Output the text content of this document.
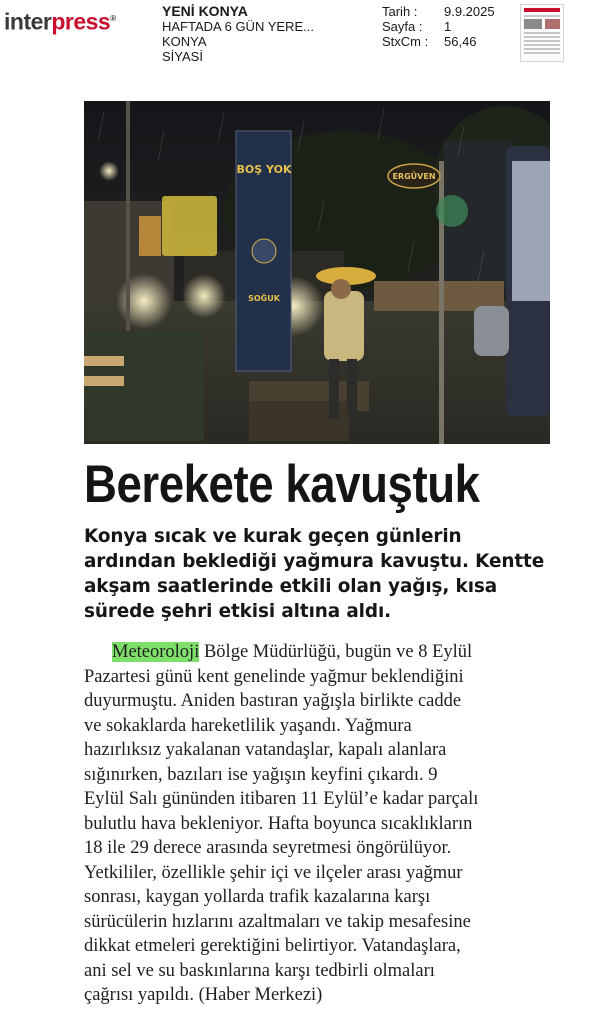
interpress®	YENİ KONYA
HAFTADA 6 GÜN YERE...
KONYA
SİYASİ
Tarih :	9.9.2025
Sayfa :	1
StxCm :	56,46
BOŞ YOK
SOĞUK
ERGÜVEN
Berekete kavuştuk
Konya sıcak ve kurak geçen günlerin
ardından beklediği yağmura kavuştu. Kentte
akşam saatlerinde etkili olan yağış, kısa
sürede şehri etkisi altına aldı.
Meteoroloji Bölge Müdürlüğü, bugün ve 8 Eylül
Pazartesi günü kent genelinde yağmur beklendiğini
duyurmuştu. Aniden bastıran yağışla birlikte cadde
ve sokaklarda hareketlilik yaşandı. Yağmura
hazırlıksız yakalanan vatandaşlar, kapalı alanlara
sığınırken, bazıları ise yağışın keyfini çıkardı. 9
Eylül Salı gününden itibaren 11 Eylül’e kadar parçalı
bulutlu hava bekleniyor. Hafta boyunca sıcaklıkların
18 ile 29 derece arasında seyretmesi öngörülüyor.
Yetkililer, özellikle şehir içi ve ilçeler arası yağmur
sonrası, kaygan yollarda trafik kazalarına karşı
sürücülerin hızlarını azaltmaları ve takip mesafesine
dikkat etmeleri gerektiğini belirtiyor. Vatandaşlara,
ani sel ve su baskınlarına karşı tedbirli olmaları
çağrısı yapıldı. (Haber Merkezi)
